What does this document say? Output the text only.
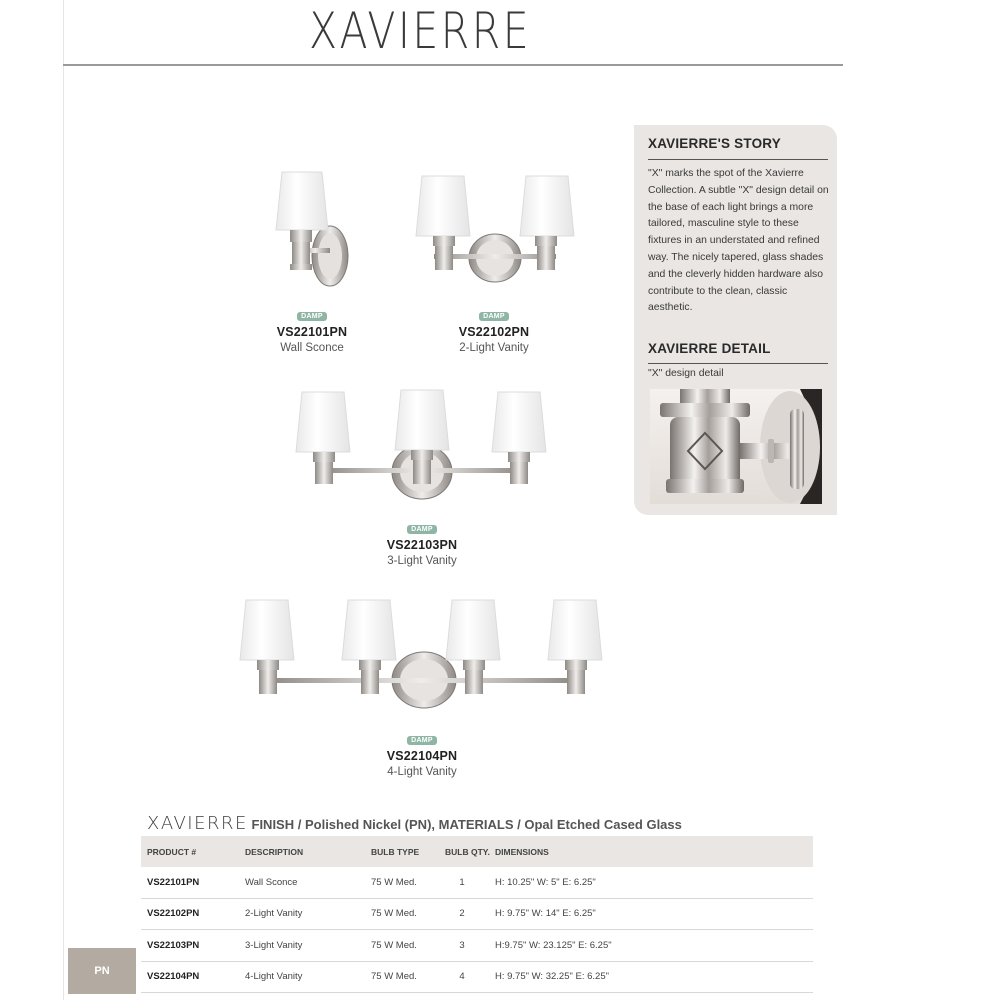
XAVIERRE
DAMP
VS22101PN
Wall Sconce
DAMP
VS22102PN
2-Light Vanity
DAMP
VS22103PN
3-Light Vanity
DAMP
VS22104PN
4-Light Vanity
XAVIERRE'S STORY

"X" marks the spot of the Xavierre Collection. A subtle "X" design detail on the base of each light brings a more tailored, masculine style to these fixtures in an understated and refined way. The nicely tapered, glass shades and the cleverly hidden hardware also contribute to the clean, classic aesthetic.

XAVIERRE DETAIL

"X" design detail

XAVIERRE FINISH / Polished Nickel (PN), MATERIALS / Opal Etched Cased Glass
PRODUCT #	DESCRIPTION	BULB TYPE	BULB QTY.	DIMENSIONS
VS22101PN	Wall Sconce	75 W Med.	1	H: 10.25" W: 5" E: 6.25"
VS22102PN	2-Light Vanity	75 W Med.	2	H: 9.75" W: 14" E: 6.25"
VS22103PN	3-Light Vanity	75 W Med.	3	H:9.75" W: 23.125" E: 6.25"
VS22104PN	4-Light Vanity	75 W Med.	4	H: 9.75" W: 32.25" E: 6.25"
PN
